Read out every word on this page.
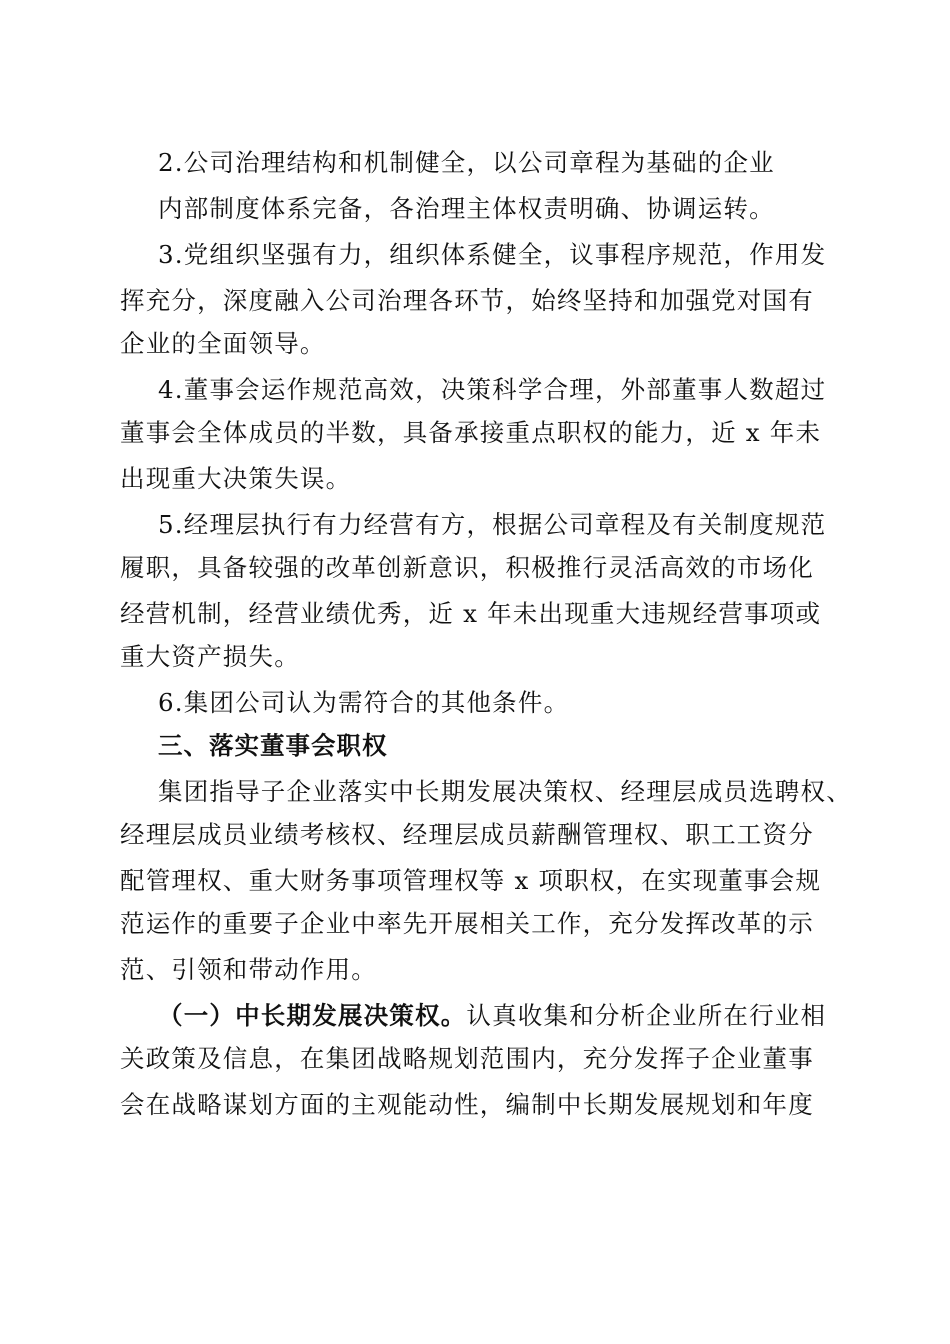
2.公司治理结构和机制健全，以公司章程为基础的企业
内部制度体系完备，各治理主体权责明确、协调运转。
3.党组织坚强有力，组织体系健全，议事程序规范，作用发
挥充分，深度融入公司治理各环节，始终坚持和加强党对国有
企业的全面领导。
4.董事会运作规范高效，决策科学合理，外部董事人数超过
董事会全体成员的半数，具备承接重点职权的能力，近 x 年未
出现重大决策失误。
5.经理层执行有力经营有方，根据公司章程及有关制度规范
履职，具备较强的改革创新意识，积极推行灵活高效的市场化
经营机制，经营业绩优秀，近 x 年未出现重大违规经营事项或
重大资产损失。
6.集团公司认为需符合的其他条件。
三、落实董事会职权
集团指导子企业落实中长期发展决策权、经理层成员选聘权、
经理层成员业绩考核权、经理层成员薪酬管理权、职工工资分
配管理权、重大财务事项管理权等 x 项职权，在实现董事会规
范运作的重要子企业中率先开展相关工作，充分发挥改革的示
范、引领和带动作用。
（一）中长期发展决策权。认真收集和分析企业所在行业相
关政策及信息，在集团战略规划范围内，充分发挥子企业董事
会在战略谋划方面的主观能动性，编制中长期发展规划和年度
